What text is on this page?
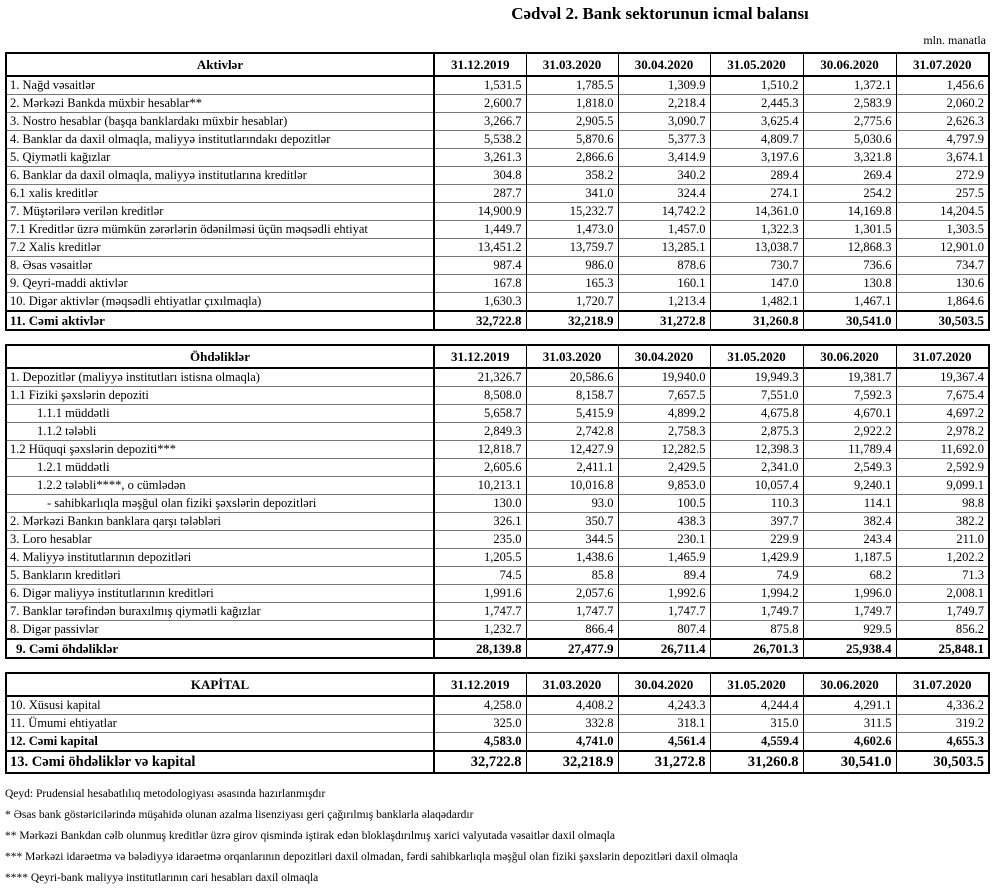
Cədvəl 2. Bank sektorunun icmal balansı
mln. manatla
Aktivlər	31.12.2019	31.03.2020	30.04.2020	31.05.2020	30.06.2020	31.07.2020
1. Nağd vəsaitlər	1,531.5	1,785.5	1,309.9	1,510.2	1,372.1	1,456.6
2. Mərkəzi Bankda müxbir hesablar**	2,600.7	1,818.0	2,218.4	2,445.3	2,583.9	2,060.2
3. Nostro hesablar (başqa banklardakı müxbir hesablar)	3,266.7	2,905.5	3,090.7	3,625.4	2,775.6	2,626.3
4. Banklar da daxil olmaqla, maliyyə institutlarındakı depozitlər	5,538.2	5,870.6	5,377.3	4,809.7	5,030.6	4,797.9
5. Qiymətli kağızlar	3,261.3	2,866.6	3,414.9	3,197.6	3,321.8	3,674.1
6. Banklar da daxil olmaqla, maliyyə institutlarına kreditlər	304.8	358.2	340.2	289.4	269.4	272.9
6.1 xalis kreditlər	287.7	341.0	324.4	274.1	254.2	257.5
7. Müştərilərə verilən kreditlər	14,900.9	15,232.7	14,742.2	14,361.0	14,169.8	14,204.5
7.1 Kreditlər üzrə mümkün zərərlərin ödənilməsi üçün məqsədli ehtiyat	1,449.7	1,473.0	1,457.0	1,322.3	1,301.5	1,303.5
7.2 Xalis kreditlər	13,451.2	13,759.7	13,285.1	13,038.7	12,868.3	12,901.0
8. Əsas vəsaitlər	987.4	986.0	878.6	730.7	736.6	734.7
9. Qeyri-maddi aktivlər	167.8	165.3	160.1	147.0	130.8	130.6
10. Digər aktivlər (məqsədli ehtiyatlar çıxılmaqla)	1,630.3	1,720.7	1,213.4	1,482.1	1,467.1	1,864.6
11. Cəmi aktivlər	32,722.8	32,218.9	31,272.8	31,260.8	30,541.0	30,503.5
Öhdəliklər	31.12.2019	31.03.2020	30.04.2020	31.05.2020	30.06.2020	31.07.2020
1. Depozitlər (maliyyə institutları istisna olmaqla)	21,326.7	20,586.6	19,940.0	19,949.3	19,381.7	19,367.4
1.1 Fiziki şəxslərin depoziti	8,508.0	8,158.7	7,657.5	7,551.0	7,592.3	7,675.4
1.1.1 müddətli	5,658.7	5,415.9	4,899.2	4,675.8	4,670.1	4,697.2
1.1.2 tələbli	2,849.3	2,742.8	2,758.3	2,875.3	2,922.2	2,978.2
1.2 Hüquqi şəxslərin depoziti***	12,818.7	12,427.9	12,282.5	12,398.3	11,789.4	11,692.0
1.2.1 müddətli	2,605.6	2,411.1	2,429.5	2,341.0	2,549.3	2,592.9
1.2.2 tələbli****, o cümlədən	10,213.1	10,016.8	9,853.0	10,057.4	9,240.1	9,099.1
- sahibkarlıqla məşğul olan fiziki şəxslərin depozitləri	130.0	93.0	100.5	110.3	114.1	98.8
2. Mərkəzi Bankın banklara qarşı tələbləri	326.1	350.7	438.3	397.7	382.4	382.2
3. Loro hesablar	235.0	344.5	230.1	229.9	243.4	211.0
4. Maliyyə institutlarının depozitləri	1,205.5	1,438.6	1,465.9	1,429.9	1,187.5	1,202.2
5. Bankların kreditləri	74.5	85.8	89.4	74.9	68.2	71.3
6. Digər maliyyə institutlarının kreditləri	1,991.6	2,057.6	1,992.6	1,994.2	1,996.0	2,008.1
7. Banklar tərəfindən buraxılmış qiymətli kağızlar	1,747.7	1,747.7	1,747.7	1,749.7	1,749.7	1,749.7
8. Digər passivlər	1,232.7	866.4	807.4	875.8	929.5	856.2
9. Cəmi öhdəliklər	28,139.8	27,477.9	26,711.4	26,701.3	25,938.4	25,848.1
KAPİTAL	31.12.2019	31.03.2020	30.04.2020	31.05.2020	30.06.2020	31.07.2020
10. Xüsusi kapital	4,258.0	4,408.2	4,243.3	4,244.4	4,291.1	4,336.2
11. Ümumi ehtiyatlar	325.0	332.8	318.1	315.0	311.5	319.2
12. Cəmi kapital	4,583.0	4,741.0	4,561.4	4,559.4	4,602.6	4,655.3
13. Cəmi öhdəliklər və kapital	32,722.8	32,218.9	31,272.8	31,260.8	30,541.0	30,503.5
Qeyd: Prudensial hesabatlılıq metodologiyası əsasında hazırlanmışdır
* Əsas bank göstəricilərində müşahidə olunan azalma lisenziyası geri çağırılmış banklarla əlaqədardır
** Mərkəzi Bankdan cəlb olunmuş kreditlər üzrə girov qismində iştirak edən bloklaşdırılmış xarici valyutada vəsaitlər daxil olmaqla
*** Mərkəzi idarəetmə və bələdiyyə idarəetmə orqanlarının depozitləri daxil olmadan, fərdi sahibkarlıqla məşğul olan fiziki şəxslərin depozitləri daxil olmaqla
**** Qeyri-bank maliyyə institutlarının cari hesabları daxil olmaqla
